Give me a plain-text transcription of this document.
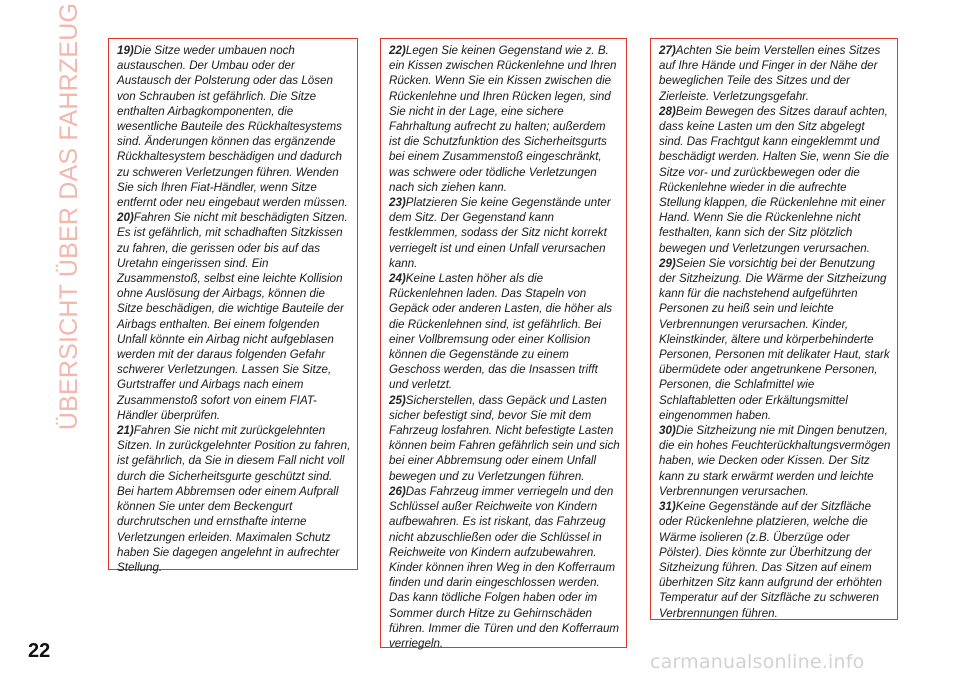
ÜBERSICHT ÜBER DAS FAHRZEUG	19)Die Sitze weder umbauen noch austauschen. Der Umbau oder der Austausch der Polsterung oder das Lösen von Schrauben ist gefährlich. Die Sitze enthalten Airbagkomponenten, die wesentliche Bauteile des Rückhaltesystems sind. Änderungen können das ergänzende Rückhaltesystem beschädigen und dadurch zu schweren Verletzungen führen. Wenden Sie sich Ihren Fiat-Händler, wenn Sitze entfernt oder neu eingebaut werden müssen.

20)Fahren Sie nicht mit beschädigten Sitzen. Es ist gefährlich, mit schadhaften Sitzkissen zu fahren, die gerissen oder bis auf das Uretahn eingerissen sind. Ein Zusammenstoß, selbst eine leichte Kollision ohne Auslösung der Airbags, können die Sitze beschädigen, die wichtige Bauteile der Airbags enthalten. Bei einem folgenden Unfall könnte ein Airbag nicht aufgeblasen werden mit der daraus folgenden Gefahr schwerer Verletzungen. Lassen Sie Sitze, Gurtstraffer und Airbags nach einem Zusammenstoß sofort von einem FIAT-Händler überprüfen.

21)Fahren Sie nicht mit zurückgelehnten Sitzen. In zurückgelehnter Position zu fahren, ist gefährlich, da Sie in diesem Fall nicht voll durch die Sicherheitsgurte geschützt sind. Bei hartem Abbremsen oder einem Aufprall können Sie unter dem Beckengurt durchrutschen und ernsthafte interne Verletzungen erleiden. Maximalen Schutz haben Sie dagegen angelehnt in aufrechter Stellung.

22)Legen Sie keinen Gegenstand wie z. B. ein Kissen zwischen Rückenlehne und Ihren Rücken. Wenn Sie ein Kissen zwischen die Rückenlehne und Ihren Rücken legen, sind Sie nicht in der Lage, eine sichere Fahrhaltung aufrecht zu halten; außerdem ist die Schutzfunktion des Sicherheitsgurts bei einem Zusammenstoß eingeschränkt, was schwere oder tödliche Verletzungen nach sich ziehen kann.

23)Platzieren Sie keine Gegenstände unter dem Sitz. Der Gegenstand kann festklemmen, sodass der Sitz nicht korrekt verriegelt ist und einen Unfall verursachen kann.

24)Keine Lasten höher als die Rückenlehnen laden. Das Stapeln von Gepäck oder anderen Lasten, die höher als die Rückenlehnen sind, ist gefährlich. Bei einer Vollbremsung oder einer Kollision können die Gegenstände zu einem Geschoss werden, das die Insassen trifft und verletzt.

25)Sicherstellen, dass Gepäck und Lasten sicher befestigt sind, bevor Sie mit dem Fahrzeug losfahren. Nicht befestigte Lasten können beim Fahren gefährlich sein und sich bei einer Abbremsung oder einem Unfall bewegen und zu Verletzungen führen.

26)Das Fahrzeug immer verriegeln und den Schlüssel außer Reichweite von Kindern aufbewahren. Es ist riskant, das Fahrzeug nicht abzuschließen oder die Schlüssel in Reichweite von Kindern aufzubewahren. Kinder können ihren Weg in den Kofferraum finden und darin eingeschlossen werden. Das kann tödliche Folgen haben oder im Sommer durch Hitze zu Gehirnschäden führen. Immer die Türen und den Kofferraum verriegeln.

27)Achten Sie beim Verstellen eines Sitzes auf Ihre Hände und Finger in der Nähe der beweglichen Teile des Sitzes und der Zierleiste. Verletzungsgefahr.

28)Beim Bewegen des Sitzes darauf achten, dass keine Lasten um den Sitz abgelegt sind. Das Frachtgut kann eingeklemmt und beschädigt werden. Halten Sie, wenn Sie die Sitze vor- und zurückbewegen oder die Rückenlehne wieder in die aufrechte Stellung klappen, die Rückenlehne mit einer Hand. Wenn Sie die Rückenlehne nicht festhalten, kann sich der Sitz plötzlich bewegen und Verletzungen verursachen.

29)Seien Sie vorsichtig bei der Benutzung der Sitzheizung. Die Wärme der Sitzheizung kann für die nachstehend aufgeführten Personen zu heiß sein und leichte Verbrennungen verursachen. Kinder, Kleinstkinder, ältere und körperbehinderte Personen, Personen mit delikater Haut, stark übermüdete oder angetrunkene Personen, Personen, die Schlafmittel wie Schlaftabletten oder Erkältungsmittel eingenommen haben.

30)Die Sitzheizung nie mit Dingen benutzen, die ein hohes Feuchterückhaltungsvermögen haben, wie Decken oder Kissen. Der Sitz kann zu stark erwärmt werden und leichte Verbrennungen verursachen.

31)Keine Gegenstände auf der Sitzfläche oder Rückenlehne platzieren, welche die Wärme isolieren (z.B. Überzüge oder Pölster). Dies könnte zur Überhitzung der Sitzheizung führen. Das Sitzen auf einem überhitzen Sitz kann aufgrund der erhöhten Temperatur auf der Sitzfläche zu schweren Verbrennungen führen.

22	carmanualsonline.info
